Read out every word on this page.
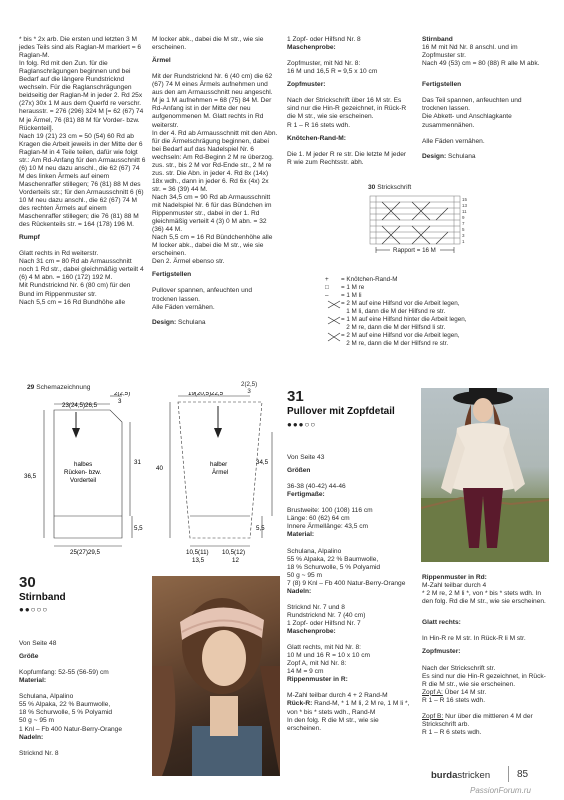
* bis * 2x arb. Die ersten und letzten 3 M jedes Teils sind als Raglan-M markiert = 6 Raglan-M.
In folg. Rd mit den Zun. für die Raglanschrägungen beginnen und bei Bedarf auf die längere Rundstricknd wechseln. Für die Raglanschrägungen beidseitig der Raglan-M in jeder 2. Rd 25x (27x) 30x 1 M aus dem Querfd re verschr. herausstr. = 276 (296) 324 M [= 62 (67) 74 M je Ärmel, 76 (81) 88 M für Vorder- bzw. Rückenteil].
Nach 19 (21) 23 cm = 50 (54) 60 Rd ab Kragen die Arbeit jeweils in der Mitte der 6 Raglan-M in 4 Teile teilen, dafür wie folgt str.: Am Rd-Anfang für den Armausschnitt 6 (6) 10 M neu dazu anschl., die 62 (67) 74 M des linken Ärmels auf einem Maschenraffer stillegen; 76 (81) 88 M des Vorderteils str.; für den Armausschnitt 6 (6) 10 M neu dazu anschl., die 62 (67) 74 M des rechten Ärmels auf einem Maschenraffer stillegen; die 76 (81) 88 M des Rückenteils str. = 164 (178) 196 M.

Rumpf

Glatt rechts in Rd weiterstr.
Nach 31 cm = 80 Rd ab Armausschnitt noch 1 Rd str., dabei gleichmäßig verteilt 4 (6) 4 M abn. = 160 (172) 192 M.
Mit Rundstricknd Nr. 6 (80 cm) für den Bund im Rippenmuster str.
Nach 5,5 cm = 16 Rd Bundhöhe alle

M locker abk., dabei die M str., wie sie erscheinen.

Ärmel

Mit der Rundstricknd Nr. 6 (40 cm) die 62 (67) 74 M eines Ärmels aufnehmen und aus den am Armausschnitt neu angeschl. M je 1 M aufnehmen = 68 (75) 84 M. Der Rd-Anfang ist in der Mitte der neu aufgenommenen M. Glatt rechts in Rd weiterstr.
In der 4. Rd ab Armausschnitt mit den Abn. für die Ärmelschrägung beginnen, dabei bei Bedarf auf das Nadelspiel Nr. 6 wechseln: Am Rd-Beginn 2 M re überzog. zus. str., bis 2 M vor Rd-Ende str., 2 M re zus. str. Die Abn. in jeder 4. Rd 8x (14x) 18x wdh., dann in jeder 6. Rd 6x (4x) 2x str. = 36 (39) 44 M.
Nach 34,5 cm = 90 Rd ab Armausschnitt mit Nadelspiel Nr. 6 für das Bündchen im Rippenmuster str., dabei in der 1. Rd gleichmäßig verteilt 4 (3) 0 M abn. = 32 (36) 44 M.
Nach 5,5 cm = 16 Rd Bündchenhöhe alle M locker abk., dabei die M str., wie sie erscheinen.
Den 2. Ärmel ebenso str.

Fertigstellen

Pullover spannen, anfeuchten und trocknen lassen.
Alle Fäden vernähen.

Design: Schulana

1 Zopf- oder Hilfsnd Nr. 8

Maschenprobe:

Zopfmuster, mit Nd Nr. 8:
16 M und 16,5 R = 9,5 x 10 cm

Zopfmuster:

Nach der Strickschrift über 16 M str. Es sind nur die Hin-R gezeichnet, in Rück-R die M str., wie sie erscheinen.
R 1 – R 16 stets wdh.

Knötchen-Rand-M:

Die 1. M jeder R re str. Die letzte M jeder R wie zum Rechtsstr. abh.

Stirnband

16 M mit Nd Nr. 8 anschl. und im Zopfmuster str.
Nach 49 (53) cm = 80 (88) R alle M abk.

Fertigstellen

Das Teil spannen, anfeuchten und trocknen lassen.
Die Abkett- und Anschlagkante zusammennähen.

Alle Fäden vernähen.

Design: Schulana

30 Strickschrift
15
13
11
9
7
5
3
1
Rapport = 16 M
+ = Knötchen-Rand-M
□ = 1 M re
– = 1 M li
= 2 M auf eine Hilfsnd vor die Arbeit legen,
1 M li, dann die M der Hilfsnd re str.
= 1 M auf eine Hilfsnd hinter die Arbeit legen,
2 M re, dann die M der Hilfsnd li str.
= 2 M auf eine Hilfsnd vor die Arbeit legen,
2 M re, dann die M der Hilfsnd re str.
29 Schemazeichnung
23(24,5)26,5
2(2,5)
3
36,5
31
halbes
Rücken- bzw.
Vorderteil
5,5
25(27)29,5
19(20,5)22,5
40
34,5
halber
Ärmel
5,5
10,5(11)
13,5
10,5(12)
12
2(2,5)
3
30
Stirnband
●●○○○

Von Seite 48

Größe

Kopfumfang: 52-55 (56-59) cm

Material:

Schulana, Alpalino
55 % Alpaka, 22 % Baumwolle,
18 % Schurwolle, 5 % Polyamid
50 g ~ 95 m
1 Knl – Fb 400 Natur-Berry-Orange

Nadeln:

Stricknd Nr. 8

31
Pullover mit Zopfdetail
●●●○○

Von Seite 43

Größen

36-38 (40-42) 44-46

Fertigmaße:

Brustweite: 100 (108) 116 cm
Länge: 60 (62) 64 cm
Innere Ärmellänge: 43,5 cm

Material:

Schulana, Alpalino
55 % Alpaka, 22 % Baumwolle,
18 % Schurwolle, 5 % Polyamid
50 g ~ 95 m
7 (8) 9 Knl – Fb 400 Natur-Berry-Orange

Nadeln:

Stricknd Nr. 7 und 8
Rundstricknd Nr. 7 (40 cm)
1 Zopf- oder Hilfsnd Nr. 7

Maschenprobe:

Glatt rechts, mit Nd Nr. 8:
10 M und 16 R = 10 x 10 cm
Zopf A, mit Nd Nr. 8:
14 M = 9 cm

Rippenmuster in R:

M-Zahl teilbar durch 4 + 2 Rand-M

Rück-R: Rand-M, * 1 M li, 2 M re, 1 M li *, von * bis * stets wdh., Rand-M
In den folg. R die M str., wie sie erscheinen.

Rippenmuster in Rd:

M-Zahl teilbar durch 4
* 2 M re, 2 M li *, von * bis * stets wdh. In den folg. Rd die M str., wie sie erscheinen.

Glatt rechts:

In Hin-R re M str. In Rück-R li M str.

Zopfmuster:

Nach der Strickschrift str.
Es sind nur die Hin-R gezeichnet, in Rück-R die M str., wie sie erscheinen.

Zopf A: Über 14 M str.
R 1 – R 16 stets wdh.

Zopf B: Nur über die mittleren 4 M der Strickschrift arb.
R 1 – R 6 stets wdh.

burdastricken	85
PassionForum.ru
